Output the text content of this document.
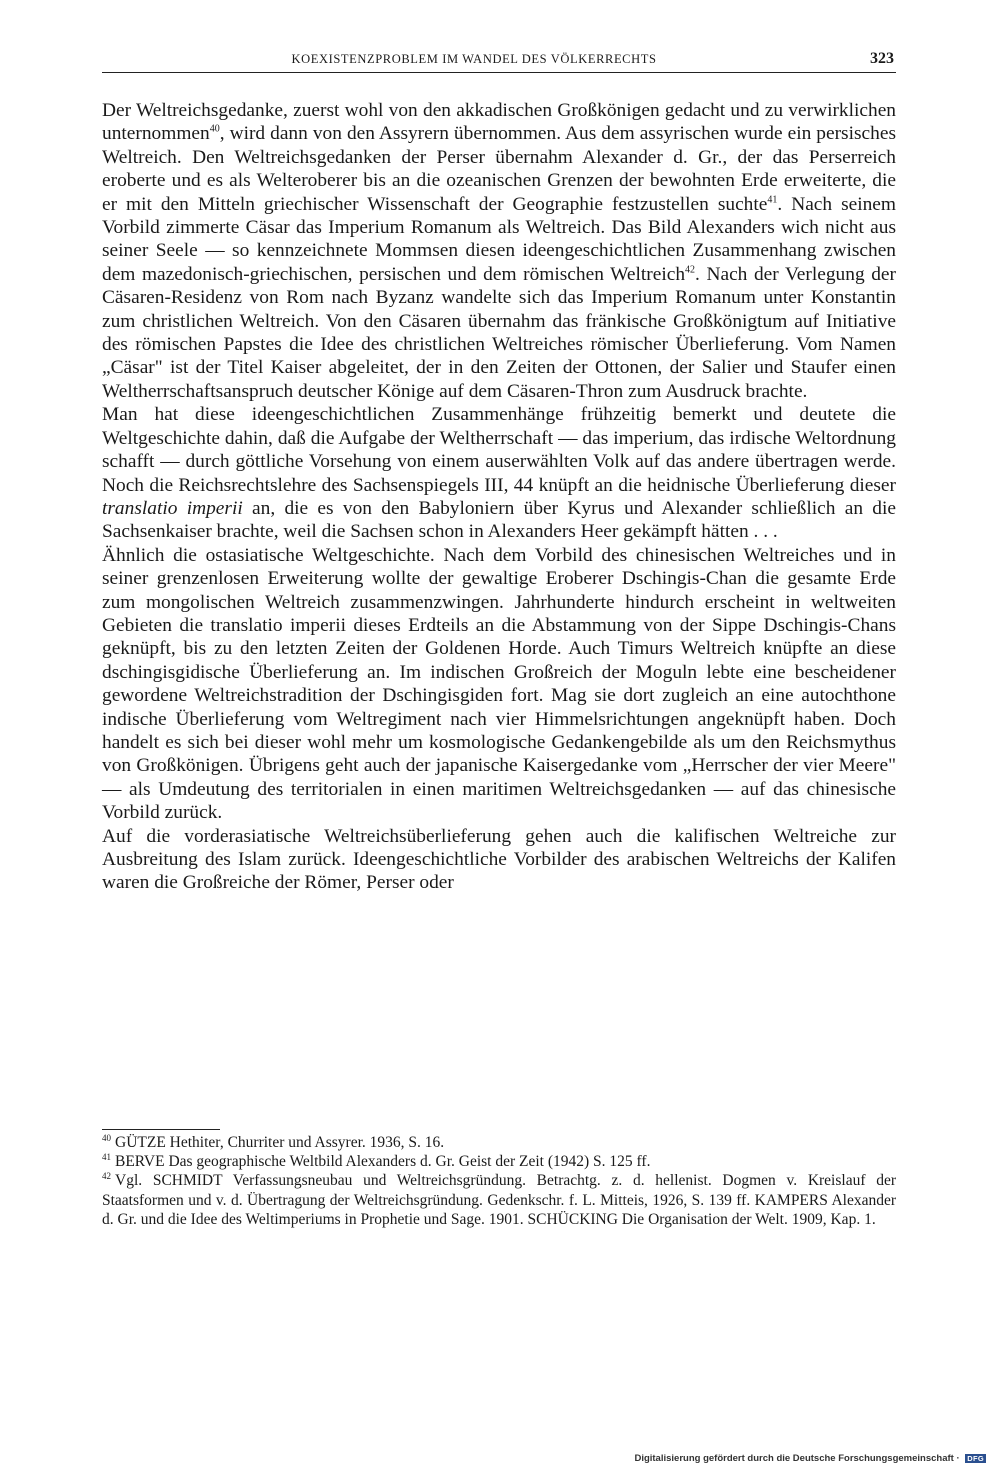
KOEXISTENZPROBLEM IM WANDEL DES VÖLKERRECHTS	323

Der Weltreichsgedanke, zuerst wohl von den akkadischen Großkönigen gedacht und zu verwirklichen unternommen$^{40}$, wird dann von den Assyrern übernommen. Aus dem assyrischen wurde ein persisches Weltreich. Den Weltreichsgedanken der Perser übernahm Alexander d. Gr., der das Perserreich eroberte und es als Welteroberer bis an die ozeanischen Grenzen der bewohnten Erde erweiterte, die er mit den Mitteln griechischer Wissenschaft der Geographie festzustellen suchte$^{41}$. Nach seinem Vorbild zimmerte Cäsar das Imperium Romanum als Weltreich. Das Bild Alexanders wich nicht aus seiner Seele — so kennzeichnete Mommsen diesen ideengeschichtlichen Zusammenhang zwischen dem mazedonisch-griechischen, persischen und dem römischen Weltreich$^{42}$. Nach der Verlegung der Cäsaren-Residenz von Rom nach Byzanz wandelte sich das Imperium Romanum unter Konstantin zum christlichen Weltreich. Von den Cäsaren übernahm das fränkische Großkönigtum auf Initiative des römischen Papstes die Idee des christlichen Weltreiches römischer Überlieferung. Vom Namen „Cäsar" ist der Titel Kaiser abgeleitet, der in den Zeiten der Ottonen, der Salier und Staufer einen Weltherrschaftsanspruch deutscher Könige auf dem Cäsaren-Thron zum Ausdruck brachte.

Man hat diese ideengeschichtlichen Zusammenhänge frühzeitig bemerkt und deutete die Weltgeschichte dahin, daß die Aufgabe der Weltherrschaft — das imperium, das irdische Weltordnung schafft — durch göttliche Vorsehung von einem auserwählten Volk auf das andere übertragen werde. Noch die Reichsrechtslehre des Sachsenspiegels III, 44 knüpft an die heidnische Überlieferung dieser translatio imperii an, die es von den Babyloniern über Kyrus und Alexander schließlich an die Sachsenkaiser brachte, weil die Sachsen schon in Alexanders Heer gekämpft hätten . . .

Ähnlich die ostasiatische Weltgeschichte. Nach dem Vorbild des chinesischen Weltreiches und in seiner grenzenlosen Erweiterung wollte der gewaltige Eroberer Dschingis-Chan die gesamte Erde zum mongolischen Weltreich zusammenzwingen. Jahrhunderte hindurch erscheint in weltweiten Gebieten die translatio imperii dieses Erdteils an die Abstammung von der Sippe Dschingis-Chans geknüpft, bis zu den letzten Zeiten der Goldenen Horde. Auch Timurs Weltreich knüpfte an diese dschingisgidische Überlieferung an. Im indischen Großreich der Moguln lebte eine bescheidener gewordene Weltreichstradition der Dschingisgiden fort. Mag sie dort zugleich an eine autochthone indische Überlieferung vom Weltregiment nach vier Himmelsrichtungen angeknüpft haben. Doch handelt es sich bei dieser wohl mehr um kosmologische Gedankengebilde als um den Reichsmythus von Großkönigen. Übrigens geht auch der japanische Kaisergedanke vom „Herrscher der vier Meere" — als Umdeutung des territorialen in einen maritimen Weltreichsgedanken — auf das chinesische Vorbild zurück.

Auf die vorderasiatische Weltreichsüberlieferung gehen auch die kalifischen Weltreiche zur Ausbreitung des Islam zurück. Ideengeschichtliche Vorbilder des arabischen Weltreichs der Kalifen waren die Großreiche der Römer, Perser oder

$^{40}$ GÜTZE Hethiter, Churriter und Assyrer. 1936, S. 16.

$^{41}$ BERVE Das geographische Weltbild Alexanders d. Gr. Geist der Zeit (1942) S. 125 ff.

$^{42}$ Vgl. SCHMIDT Verfassungsneubau und Weltreichsgründung. Betrachtg. z. d. hellenist. Dogmen v. Kreislauf der Staatsformen und v. d. Übertragung der Weltreichsgründung. Gedenkschr. f. L. Mitteis, 1926, S. 139 ff. KAMPERS Alexander d. Gr. und die Idee des Weltimperiums in Prophetie und Sage. 1901. SCHÜCKING Die Organisation der Welt. 1909, Kap. 1.

Digitalisierung gefördert durch die Deutsche Forschungsgemeinschaft · DFG
